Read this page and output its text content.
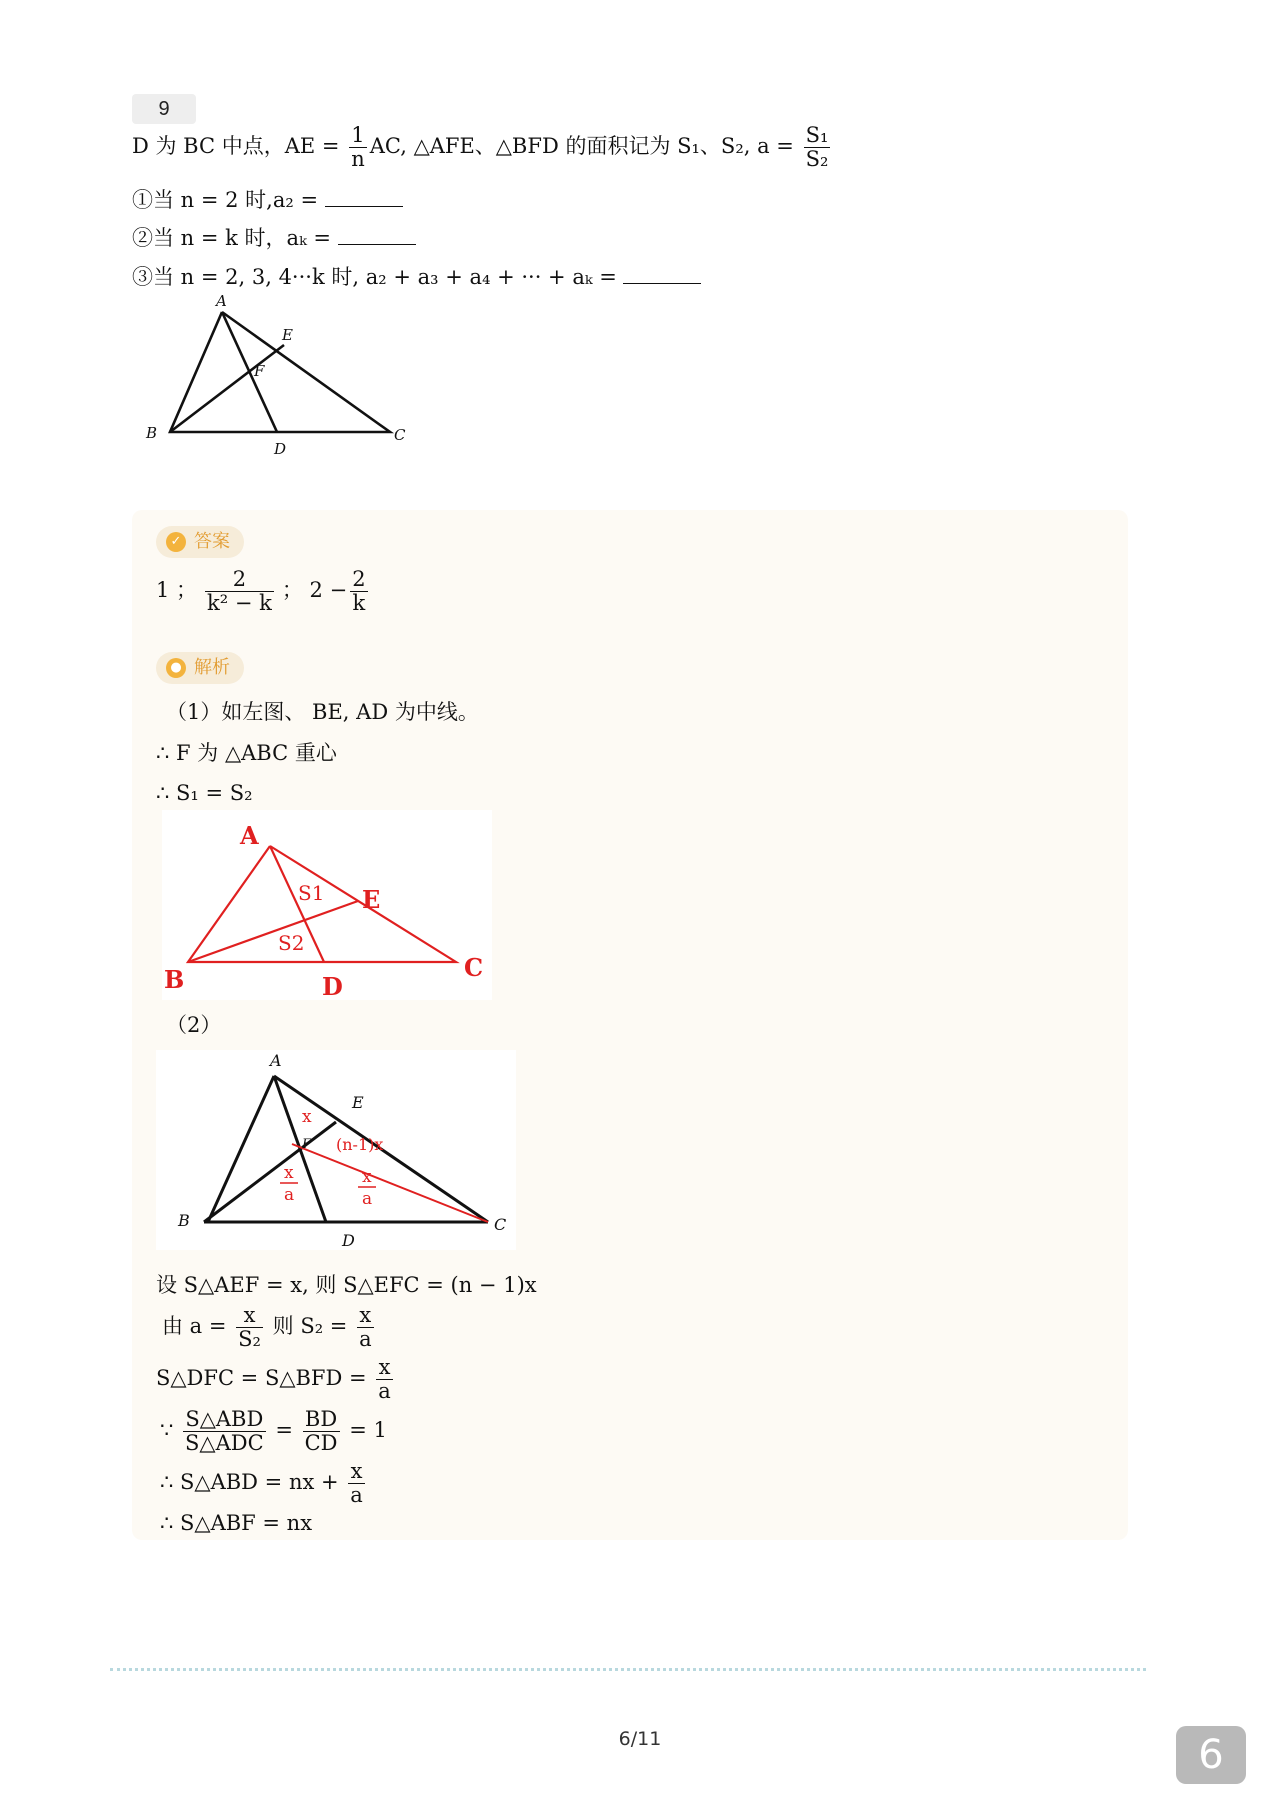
9
D 为 BC 中点，AE = $\frac{1}{n}$ AC, △AFE、△BFD 的面积记为 S₁、S₂, $a = \frac{\text{S₁}}{\text{S₂}}$
①当 n = 2 时,a₂ =
②当 n = k 时，aₖ =
③当 n = 2, 3, 4···k 时, a₂ + a₃ + a₄ + ··· + aₖ =
A
E
F
B
D
C
✓ 答案
1 ； $\frac{2}{\text{k² − k}}$ ； $2 - \frac{2}{k}$
● 解析
（1）如左图、 BE, AD 为中线。
∴ F 为 △ABC 重心
∴ S₁ = S₂
A
E
S1
S2
B	D
C
（2）
A
E
F
B
D
C
x
(n-1)x
x
a
x
a
设 S△AEF = x, 则 S△EFC = (n − 1)x
由 $a = \frac{x}{\text{S₂}}$ 则 $S_2 = \frac{x}{a}$
S△DFC = S△BFD = $\frac{x}{a}$
∵ $\frac{\text{S△ABD}}{\text{S△ADC}} = \frac{BD}{CD} = 1$
∴ S△ABD = nx + $\frac{x}{a}$
∴ S△ABF = nx
6/11	6
